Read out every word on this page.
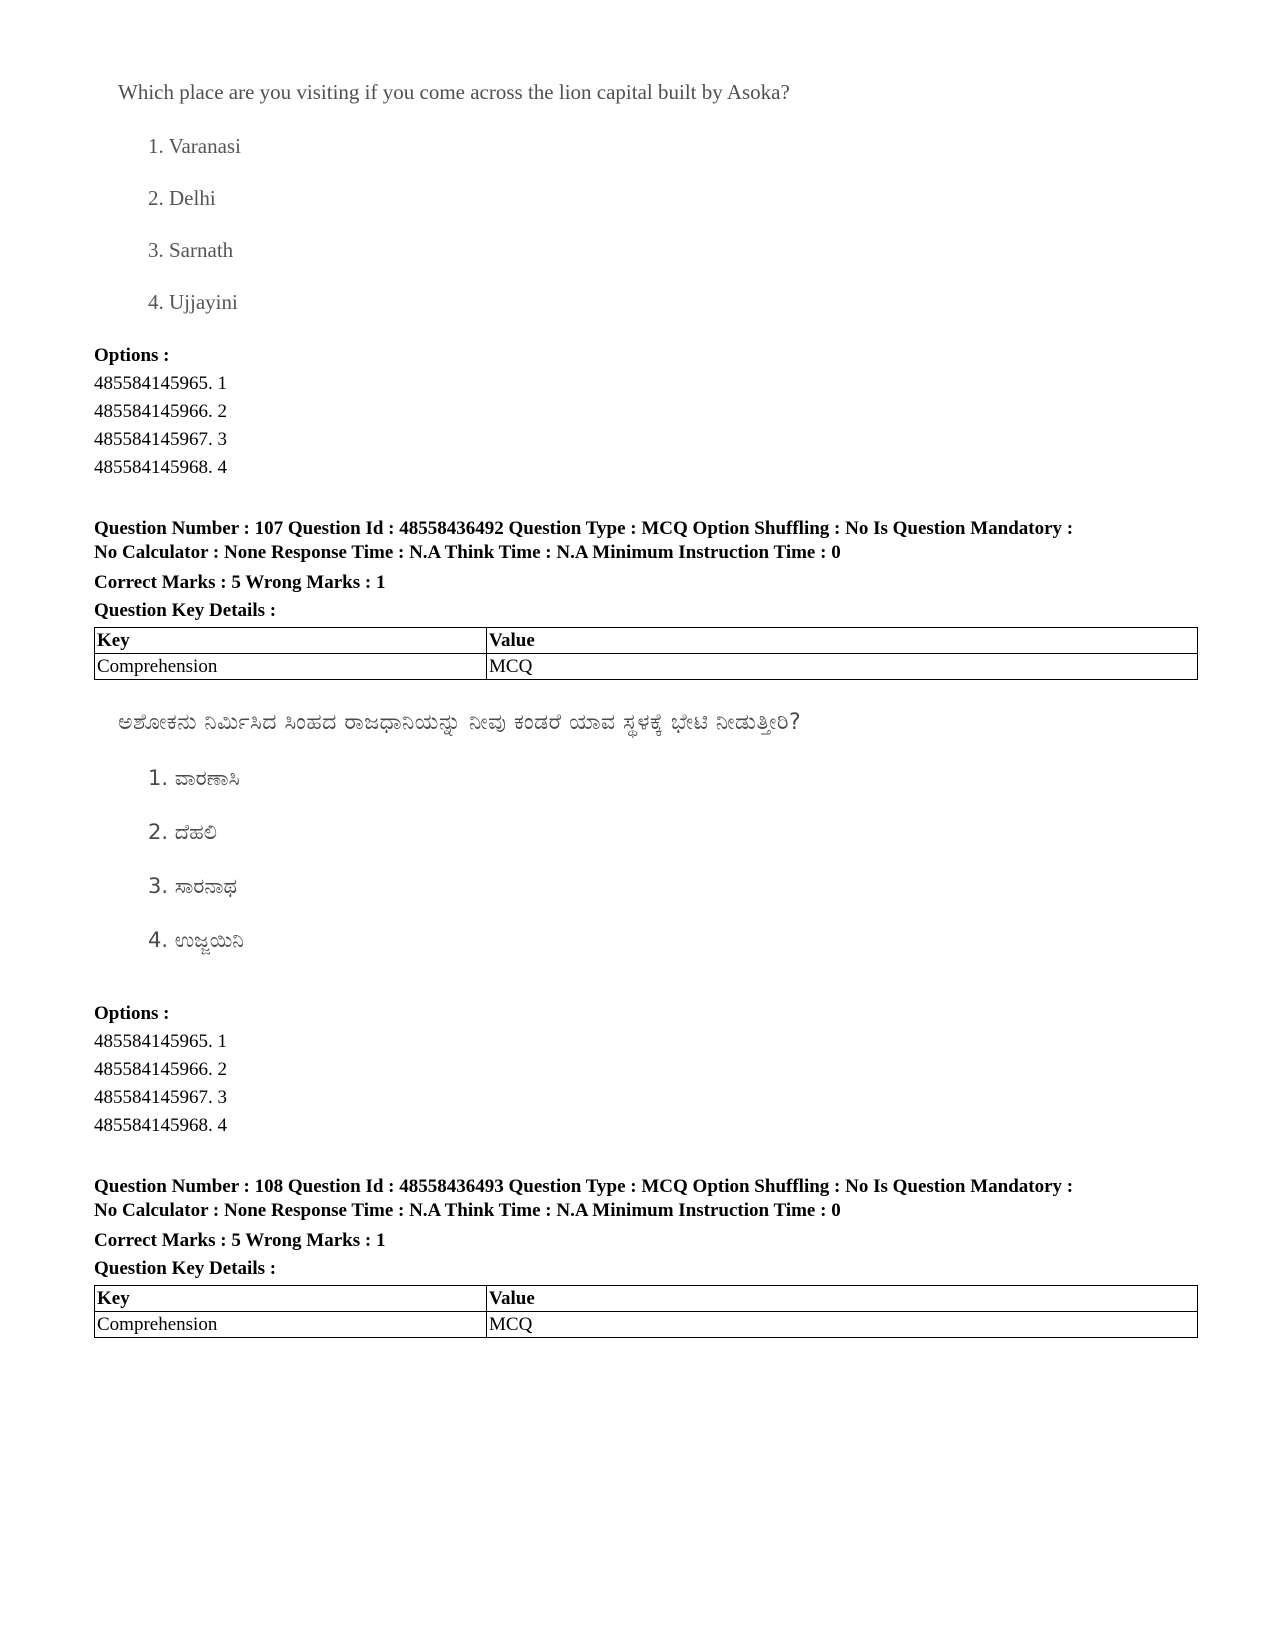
Which place are you visiting if you come across the lion capital built by Asoka?
1. Varanasi
2. Delhi
3. Sarnath
4. Ujjayini
Options :
485584145965. 1
485584145966. 2
485584145967. 3
485584145968. 4
Question Number : 107 Question Id : 48558436492 Question Type : MCQ Option Shuffling : No Is Question Mandatory :
No Calculator : None Response Time : N.A Think Time : N.A Minimum Instruction Time : 0
Correct Marks : 5 Wrong Marks : 1
Question Key Details :
Key	Value
Comprehension	MCQ
ಅಶೋಕನು ನಿರ್ಮಿಸಿದ ಸಿಂಹದ ರಾಜಧಾನಿಯನ್ನು ನೀವು ಕಂಡರೆ ಯಾವ ಸ್ಥಳಕ್ಕೆ ಭೇಟಿ ನೀಡುತ್ತೀರಿ?
1. ವಾರಣಾಸಿ
2. ದೆಹಲಿ
3. ಸಾರನಾಥ
4. ಉಜ್ಜಯಿನಿ
Options :
485584145965. 1
485584145966. 2
485584145967. 3
485584145968. 4
Question Number : 108 Question Id : 48558436493 Question Type : MCQ Option Shuffling : No Is Question Mandatory :
No Calculator : None Response Time : N.A Think Time : N.A Minimum Instruction Time : 0
Correct Marks : 5 Wrong Marks : 1
Question Key Details :
Key	Value
Comprehension	MCQ
